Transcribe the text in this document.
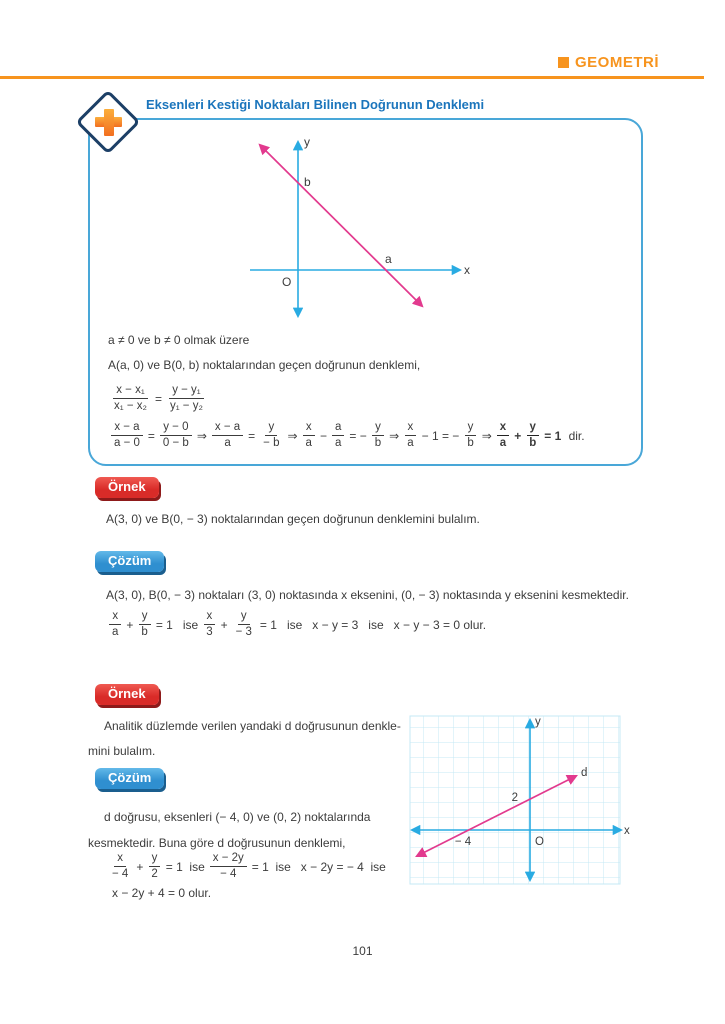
GEOMETRİ
Eksenleri Kestiği Noktaları Bilinen Doğrunun Denklemi
y
b
a
O
x
a ≠ 0 ve b ≠ 0 olmak üzere
A(a, 0) ve B(0, b) noktalarından geçen doğrunun denklemi,
$\frac{\text{x − x₁}}{\text{x₁ − x₂}} = \frac{\text{y − y₁}}{\text{y₁ − y₂}}$
$\frac{x - a}{a - 0} = \frac{y - 0}{0 - b}$ ⇒ $\frac{x - a}{a} = \frac{y}{- b}$ ⇒ $\frac{x}{a} - \frac{a}{a}$ = − $\frac{y}{b}$ ⇒ $\frac{x}{a} - 1$ = − $\frac{y}{b}$ ⇒ $\frac{x}{a} + \frac{y}{b} = 1$ dir.
Örnek
A(3, 0) ve B(0, − 3) noktalarından geçen doğrunun denklemini bulalım.
Çözüm
A(3, 0), B(0, − 3) noktaları (3, 0) noktasında x eksenini, (0, − 3) noktasında y eksenini kesmektedir.
$\frac{x}{a} + \frac{y}{b} = 1$   ise $\frac{x}{3} + \frac{y}{- 3} = 1$   ise   x − y = 3   ise   x − y − 3 = 0 olur.
Örnek
Analitik düzlemde verilen yandaki d doğrusunun denkle-
mini bulalım.
y
x
d
2
− 4	O
Çözüm
d doğrusu, eksenleri (− 4, 0) ve (0, 2) noktalarında
kesmektedir. Buna göre d doğrusunun denklemi,
$\frac{x}{- 4} + \frac{y}{2} = 1$  ise $\frac{x - 2y}{- 4} = 1$  ise   x − 2y = − 4  ise
x − 2y + 4 = 0 olur.
101
